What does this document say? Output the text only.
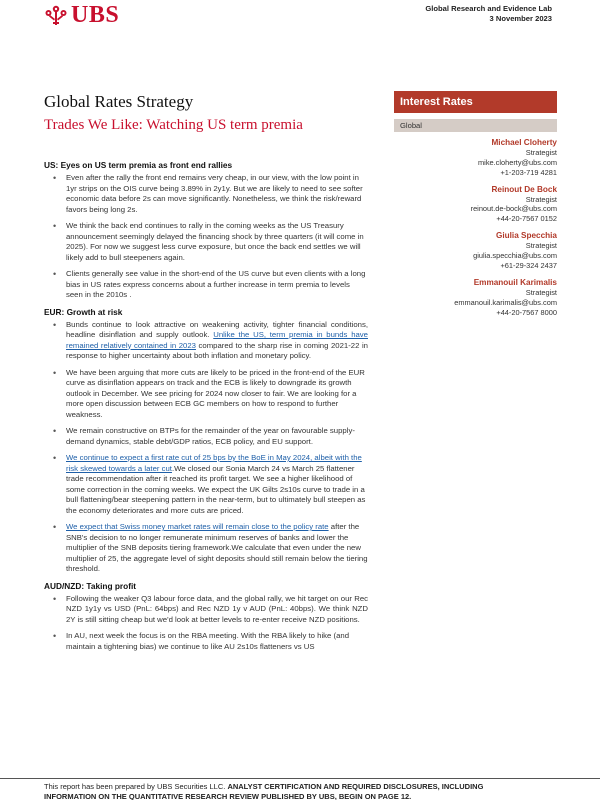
UBS	Global Research and Evidence Lab
3 November 2023
Global Rates Strategy
Trades We Like: Watching US term premia
Interest Rates
Global
Michael Cloherty
Strategist
mike.cloherty@ubs.com
+1-203-719 4281
Reinout De Bock
Strategist
reinout.de-bock@ubs.com
+44-20-7567 0152
Giulia Specchia
Strategist
giulia.specchia@ubs.com
+61-29-324 2437
Emmanouil Karimalis
Strategist
emmanouil.karimalis@ubs.com
+44-20-7567 8000
US: Eyes on US term premia as front end rallies
• Even after the rally the front end remains very cheap, in our view, with the low point in 1yr strips on the OIS curve being 3.89% in 2y1y. But we are likely to need to see softer economic data before 2s can move significantly. Nonetheless, we think the risk/reward favors being long 2s.
• We think the back end continues to rally in the coming weeks as the US Treasury announcement seemingly delayed the financing shock by three quarters (it will come in 2025). For now we suggest less curve exposure, but once the back end settles we will likely add to bull steepeners again.
• Clients generally see value in the short-end of the US curve but even clients with a long bias in US rates express concerns about a further increase in term premia to levels seen in the 2010s .
EUR: Growth at risk
• Bunds continue to look attractive on weakening activity, tighter financial conditions, headline disinflation and supply outlook. Unlike the US, term premia in bunds have remained relatively contained in 2023 compared to the sharp rise in coming 2021-22 in response to higher uncertainty about both inflation and monetary policy.
• We have been arguing that more cuts are likely to be priced in the front-end of the EUR curve as disinflation appears on track and the ECB is likely to downgrade its growth outlook in December. We see pricing for 2024 now closer to fair. We are looking for a more open discussion between ECB GC members on how to respond to further weakness.
• We remain constructive on BTPs for the remainder of the year on favourable supply-demand dynamics, stable debt/GDP ratios, ECB policy, and EU support.
• We continue to expect a first rate cut of 25 bps by the BoE in May 2024, albeit with the risk skewed towards a later cut.We closed our Sonia March 24 vs March 25 flattener trade recommendation after it reached its profit target. We see a higher likelihood of some correction in the coming weeks. We expect the UK Gilts 2s10s curve to trade in a bull flattening/bear steepening pattern in the near-term, but to ultimately bull steepen as the economy deteriorates and more cuts are priced.
• We expect that Swiss money market rates will remain close to the policy rate after the SNB's decision to no longer remunerate minimum reserves of banks and lower the multiplier of the SNB deposits tiering framework.We calculate that even under the new multiplier of 25, the aggregate level of sight deposits should still remain below the tiering threshold.
AUD/NZD: Taking profit
• Following the weaker Q3 labour force data, and the global rally, we hit target on our Rec NZD 1y1y vs USD (PnL: 64bps) and Rec NZD 1y v AUD (PnL: 40bps). We think NZD 2Y is still sitting cheap but we'd look at better levels to re-enter receive NZD positions.
• In AU, next week the focus is on the RBA meeting. With the RBA likely to hike (and maintain a tightening bias) we continue to like AU 2s10s flatteners vs US
This report has been prepared by UBS Securities LLC. ANALYST CERTIFICATION AND REQUIRED DISCLOSURES, INCLUDING
INFORMATION ON THE QUANTITATIVE RESEARCH REVIEW PUBLISHED BY UBS, BEGIN ON PAGE 12.
